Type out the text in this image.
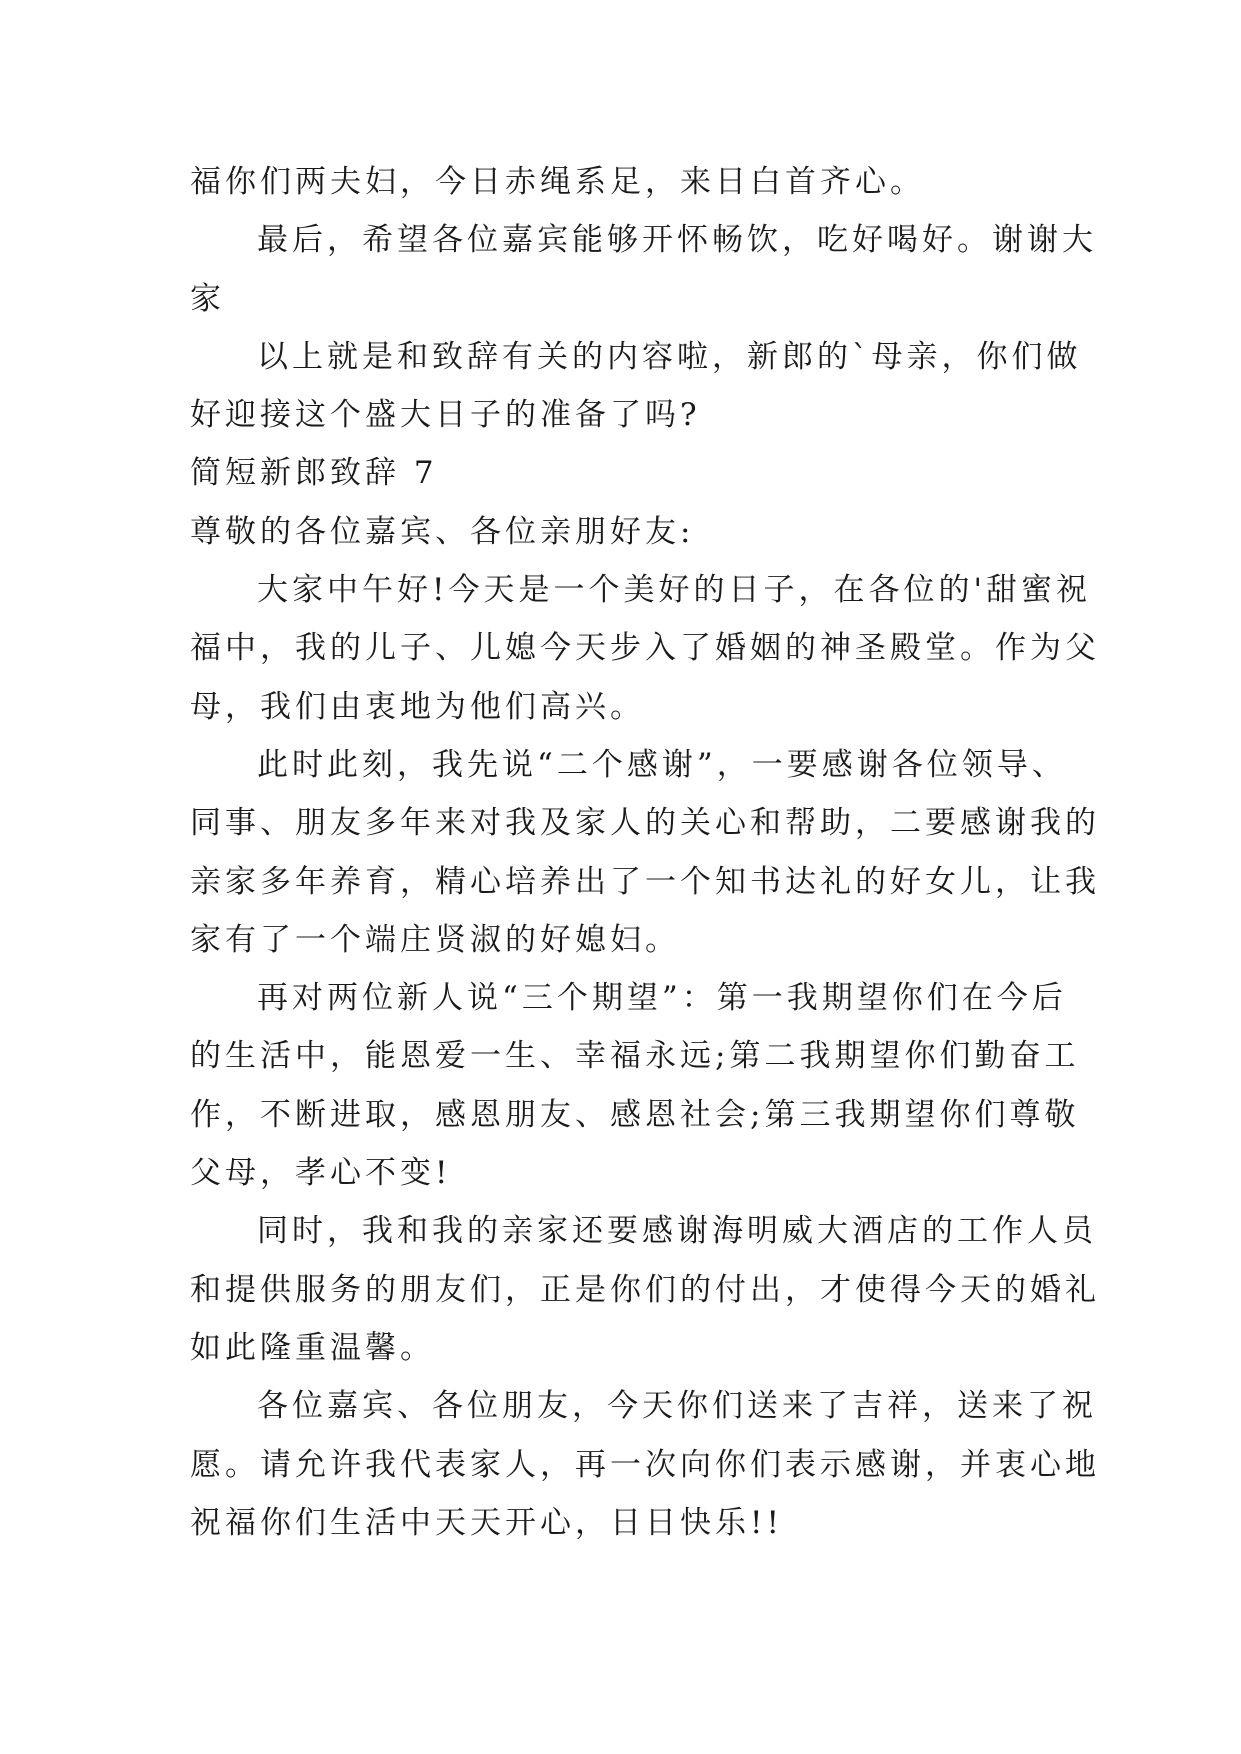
福你们两夫妇，今日赤绳系足，来日白首齐心。
最后，希望各位嘉宾能够开怀畅饮，吃好喝好。谢谢大
家
以上就是和致辞有关的内容啦，新郎的`母亲，你们做
好迎接这个盛大日子的准备了吗?
简短新郎致辞 7
尊敬的各位嘉宾、各位亲朋好友:
大家中午好!今天是一个美好的日子，在各位的'甜蜜祝
福中，我的儿子、儿媳今天步入了婚姻的神圣殿堂。作为父
母，我们由衷地为他们高兴。
此时此刻，我先说“二个感谢”，一要感谢各位领导、
同事、朋友多年来对我及家人的关心和帮助，二要感谢我的
亲家多年养育，精心培养出了一个知书达礼的好女儿，让我
家有了一个端庄贤淑的好媳妇。
再对两位新人说“三个期望”：第一我期望你们在今后
的生活中，能恩爱一生、幸福永远;第二我期望你们勤奋工
作，不断进取，感恩朋友、感恩社会;第三我期望你们尊敬
父母，孝心不变!
同时，我和我的亲家还要感谢海明威大酒店的工作人员
和提供服务的朋友们，正是你们的付出，才使得今天的婚礼
如此隆重温馨。
各位嘉宾、各位朋友，今天你们送来了吉祥，送来了祝
愿。请允许我代表家人，再一次向你们表示感谢，并衷心地
祝福你们生活中天天开心，日日快乐!!
